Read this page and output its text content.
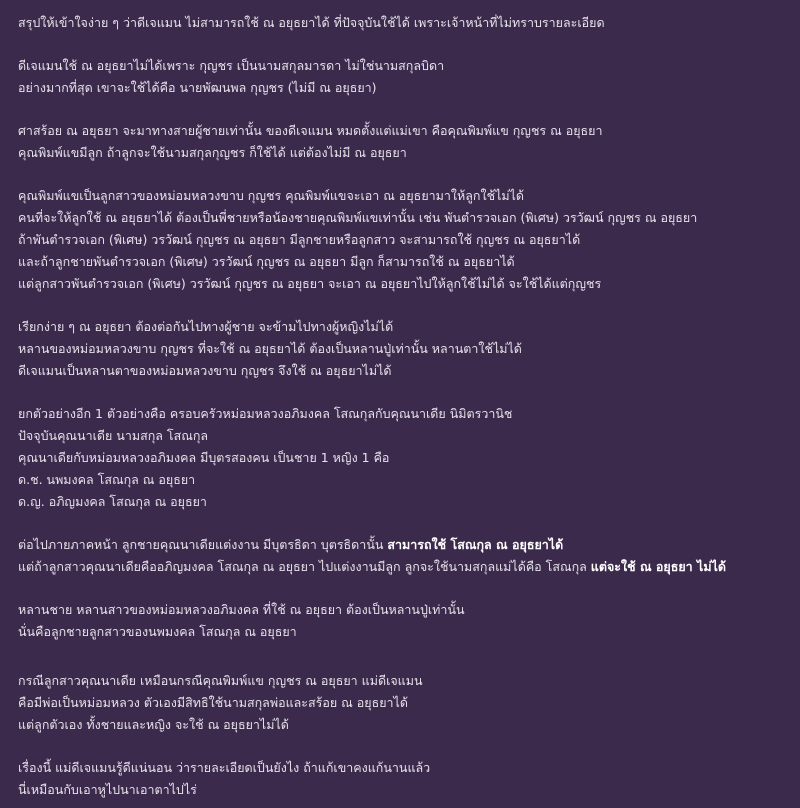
สรุปให้เข้าใจง่าย ๆ ว่าดีเจแมน ไม่สามารถใช้ ณ อยุธยาได้ ที่ปัจจุบันใช้ได้ เพราะเจ้าหน้าที่ไม่ทราบรายละเอียด
ดีเจแมนใช้ ณ อยุธยาไม่ได้เพราะ กุญชร เป็นนามสกุลมารดา ไม่ใช่นามสกุลบิดา
อย่างมากที่สุด เขาจะใช้ได้คือ นายพัฒนพล กุญชร (ไม่มี ณ อยุธยา)
ศาสร้อย ณ อยุธยา จะมาทางสายผู้ชายเท่านั้น ของดีเจแมน หมดตั้งแต่แม่เขา คือคุณพิมพ์แข กุญชร ณ อยุธยา
คุณพิมพ์แขมีลูก ถ้าลูกจะใช้นามสกุลกุญชร ก็ใช้ได้ แต่ต้องไม่มี ณ อยุธยา
คุณพิมพ์แขเป็นลูกสาวของหม่อมหลวงขาบ กุญชร คุณพิมพ์แขจะเอา ณ อยุธยามาให้ลูกใช้ไม่ได้
คนที่จะให้ลูกใช้ ณ อยุธยาได้ ต้องเป็นพี่ชายหรือน้องชายคุณพิมพ์แขเท่านั้น เช่น พันตำรวจเอก (พิเศษ) วรวัฒน์ กุญชร ณ อยุธยา
ถ้าพันตำรวจเอก (พิเศษ) วรวัฒน์ กุญชร ณ อยุธยา มีลูกชายหรือลูกสาว จะสามารถใช้ กุญชร ณ อยุธยาได้
และถ้าลูกชายพันตำรวจเอก (พิเศษ) วรวัฒน์ กุญชร ณ อยุธยา มีลูก ก็สามารถใช้ ณ อยุธยาได้
แต่ลูกสาวพันตำรวจเอก (พิเศษ) วรวัฒน์ กุญชร ณ อยุธยา จะเอา ณ อยุธยาไปให้ลูกใช้ไม่ได้ จะใช้ได้แต่กุญชร
เรียกง่าย ๆ ณ อยุธยา ต้องต่อกันไปทางผู้ชาย จะข้ามไปทางผู้หญิงไม่ได้
หลานของหม่อมหลวงขาบ กุญชร ที่จะใช้ ณ อยุธยาได้ ต้องเป็นหลานปู่เท่านั้น หลานตาใช้ไม่ได้
ดีเจแมนเป็นหลานตาของหม่อมหลวงขาบ กุญชร จึงใช้ ณ อยุธยาไม่ได้
ยกตัวอย่างอีก 1 ตัวอย่างคือ ครอบครัวหม่อมหลวงอภิมงคล โสณกุลกับคุณนาเดีย นิมิตรวานิช
ปัจจุบันคุณนาเดีย นามสกุล โสณกุล
คุณนาเดียกับหม่อมหลวงอภิมงคล มีบุตรสองคน เป็นชาย 1 หญิง 1 คือ
ด.ช. นพมงคล โสณกุล ณ อยุธยา
ด.ญ. อภิญมงคล โสณกุล ณ อยุธยา
ต่อไปภายภาคหน้า ลูกชายคุณนาเดียแต่งงาน มีบุตรธิดา บุตรธิดานั้น สามารถใช้ โสณกุล ณ อยุธยาได้
แต่ถ้าลูกสาวคุณนาเดียคืออภิญมงคล โสณกุล ณ อยุธยา ไปแต่งงานมีลูก ลูกจะใช้นามสกุลแม่ได้คือ โสณกุล แต่จะใช้ ณ อยุธยา ไม่ได้
หลานชาย หลานสาวของหม่อมหลวงอภิมงคล ที่ใช้ ณ อยุธยา ต้องเป็นหลานปู่เท่านั้น
นั่นคือลูกชายลูกสาวของนพมงคล โสณกุล ณ อยุธยา
กรณีลูกสาวคุณนาเดีย เหมือนกรณีคุณพิมพ์แข กุญชร ณ อยุธยา แม่ดีเจแมน
คือมีพ่อเป็นหม่อมหลวง ตัวเองมีสิทธิใช้นามสกุลพ่อและสร้อย ณ อยุธยาได้
แต่ลูกตัวเอง ทั้งชายและหญิง จะใช้ ณ อยุธยาไม่ได้
เรื่องนี้ แม่ดีเจแมนรู้ดีแน่นอน ว่ารายละเอียดเป็นยังไง ถ้าแก้เขาคงแก้นานแล้ว
นี่เหมือนกับเอาหูไปนาเอาตาไปไร่
